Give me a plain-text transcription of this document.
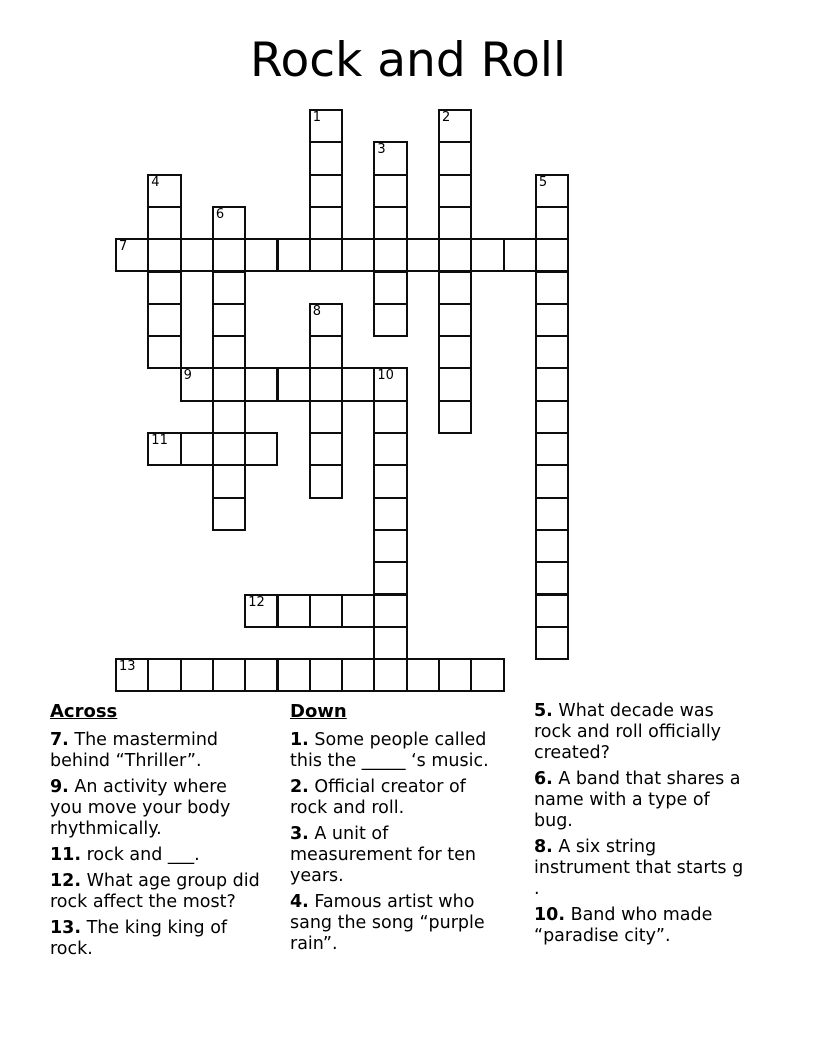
Rock and Roll
1	2
3
4	5
6
7
8
9	10
11
12
13
Across

7. The mastermind behind “Thriller”.

9. An activity where you move your body rhythmically.

11. rock and ___.

12. What age group did rock affect the most?

13. The king king of rock.

Down

1. Some people called this the _____ ‘s music.

2. Official creator of rock and roll.

3. A unit of measurement for ten years.

4. Famous artist who sang the song “purple rain”.

5. What decade was rock and roll officially created?

6. A band that shares a name with a type of bug.

8. A six string instrument that starts g .

10. Band who made “paradise city”.
